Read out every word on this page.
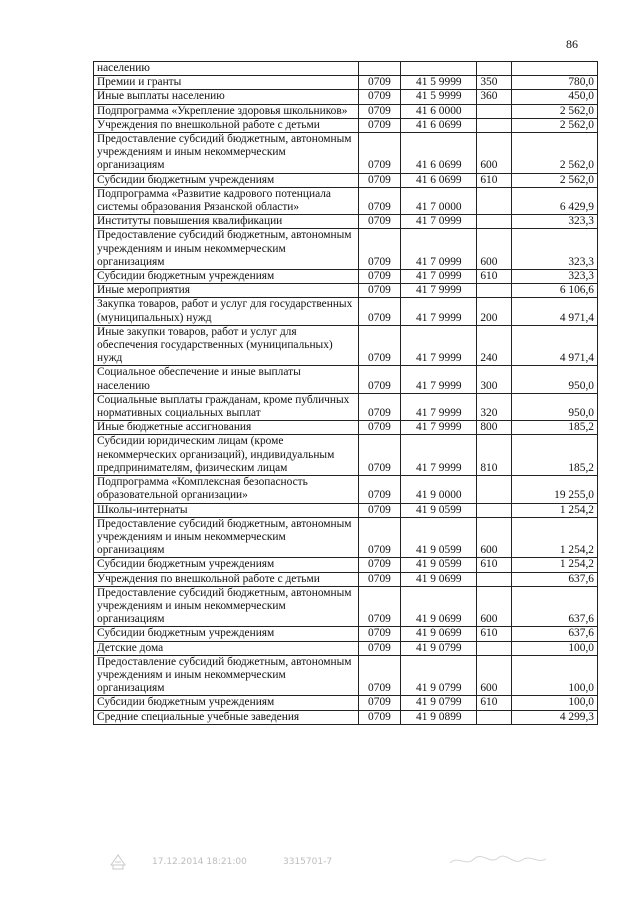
86
населению				
Премии и гранты	0709	41 5 9999	350	780,0
Иные выплаты населению	0709	41 5 9999	360	450,0
Подпрограмма «Укрепление здоровья школьников»	0709	41 6 0000		2 562,0
Учреждения по внешкольной работе с детьми	0709	41 6 0699		2 562,0
Предоставление субсидий бюджетным, автономным учреждениям и иным некоммерческим организациям	0709	41 6 0699	600	2 562,0
Субсидии бюджетным учреждениям	0709	41 6 0699	610	2 562,0
Подпрограмма «Развитие кадрового потенциала системы образования Рязанской области»	0709	41 7 0000		6 429,9
Институты повышения квалификации	0709	41 7 0999		323,3
Предоставление субсидий бюджетным, автономным учреждениям и иным некоммерческим организациям	0709	41 7 0999	600	323,3
Субсидии бюджетным учреждениям	0709	41 7 0999	610	323,3
Иные мероприятия	0709	41 7 9999		6 106,6
Закупка товаров, работ и услуг для государственных (муниципальных) нужд	0709	41 7 9999	200	4 971,4
Иные закупки товаров, работ и услуг для обеспечения государственных (муниципальных) нужд	0709	41 7 9999	240	4 971,4
Социальное обеспечение и иные выплаты населению	0709	41 7 9999	300	950,0
Социальные выплаты гражданам, кроме публичных нормативных социальных выплат	0709	41 7 9999	320	950,0
Иные бюджетные ассигнования	0709	41 7 9999	800	185,2
Субсидии юридическим лицам (кроме некоммерческих организаций), индивидуальным предпринимателям, физическим лицам	0709	41 7 9999	810	185,2
Подпрограмма «Комплексная безопасность образовательной организации»	0709	41 9 0000		19 255,0
Школы-интернаты	0709	41 9 0599		1 254,2
Предоставление субсидий бюджетным, автономным учреждениям и иным некоммерческим организациям	0709	41 9 0599	600	1 254,2
Субсидии бюджетным учреждениям	0709	41 9 0599	610	1 254,2
Учреждения по внешкольной работе с детьми	0709	41 9 0699		637,6
Предоставление субсидий бюджетным, автономным учреждениям и иным некоммерческим организациям	0709	41 9 0699	600	637,6
Субсидии бюджетным учреждениям	0709	41 9 0699	610	637,6
Детские дома	0709	41 9 0799		100,0
Предоставление субсидий бюджетным, автономным учреждениям и иным некоммерческим организациям	0709	41 9 0799	600	100,0
Субсидии бюджетным учреждениям	0709	41 9 0799	610	100,0
Средние специальные учебные заведения	0709	41 9 0899		4 299,3
17.12.2014 18:21:00	3315701-7
